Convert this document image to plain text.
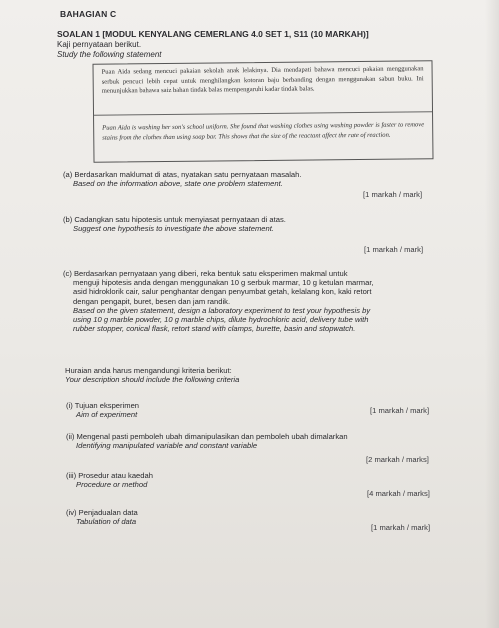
BAHAGIAN C
SOALAN 1 [MODUL KENYALANG CEMERLANG 4.0 SET 1, S11 (10 MARKAH)]
Kaji pernyataan berikut.
Study the following statement
Puan Aida sedang mencuci pakaian sekolah anak lelakinya. Dia mendapati bahawa mencuci pakaian menggunakan serbuk pencuci lebih cepat untuk menghilangkan kotoran baju berbanding dengan menggunakan sabun buku. Ini menunjukkan bahawa saiz bahan tindak balas mempengaruhi kadar tindak balas.
Puan Aida is washing her son's school uniform. She found that washing clothes using washing powder is faster to remove stains from the clothes than using soap bar. This shows that the size of the reactant affect the rate of reaction.
(a) Berdasarkan maklumat di atas, nyatakan satu pernyataan masalah.
Based on the information above, state one problem statement.
[1 markah / mark]
(b) Cadangkan satu hipotesis untuk menyiasat pernyataan di atas.
Suggest one hypothesis to investigate the above statement.
[1 markah / mark]
(c) Berdasarkan pernyataan yang diberi, reka bentuk satu eksperimen makmal untuk
menguji hipotesis anda dengan menggunakan 10 g serbuk marmar, 10 g ketulan marmar,
asid hidroklorik cair, salur penghantar dengan penyumbat getah, kelalang kon, kaki retort
dengan pengapit, buret, besen dan jam randik.
Based on the given statement, design a laboratory experiment to test your hypothesis by
using 10 g marble powder, 10 g marble chips, dilute hydrochloric acid, delivery tube with
rubber stopper, conical flask, retort stand with clamps, burette, basin and stopwatch.
Huraian anda harus mengandungi kriteria berikut:
Your description should include the following criteria
(i) Tujuan eksperimen
Aim of experiment	[1 markah / mark]
(ii) Mengenal pasti pemboleh ubah dimanipulasikan dan pemboleh ubah dimalarkan
Identifying manipulated variable and constant variable
[2 markah / marks]
(iii) Prosedur atau kaedah
Procedure or method
[4 markah / marks]
(iv) Penjadualan data
Tabulation of data
[1 markah / mark]
